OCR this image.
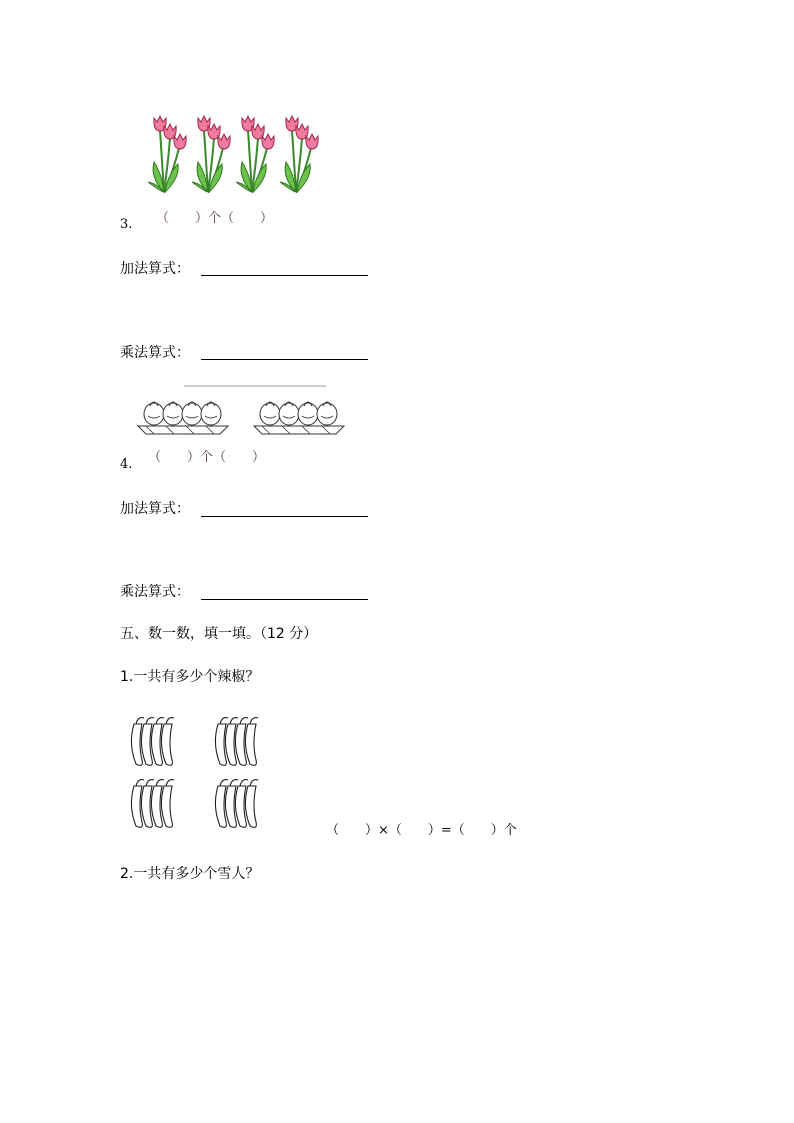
3. （　　）个（　　）
加法算式：
乘法算式：
4. （　　）个（　　）
加法算式：
乘法算式：
五、数一数，填一填。（12 分）
1.一共有多少个辣椒？
（　　）×（　　）=（　　）个
2.一共有多少个雪人？
